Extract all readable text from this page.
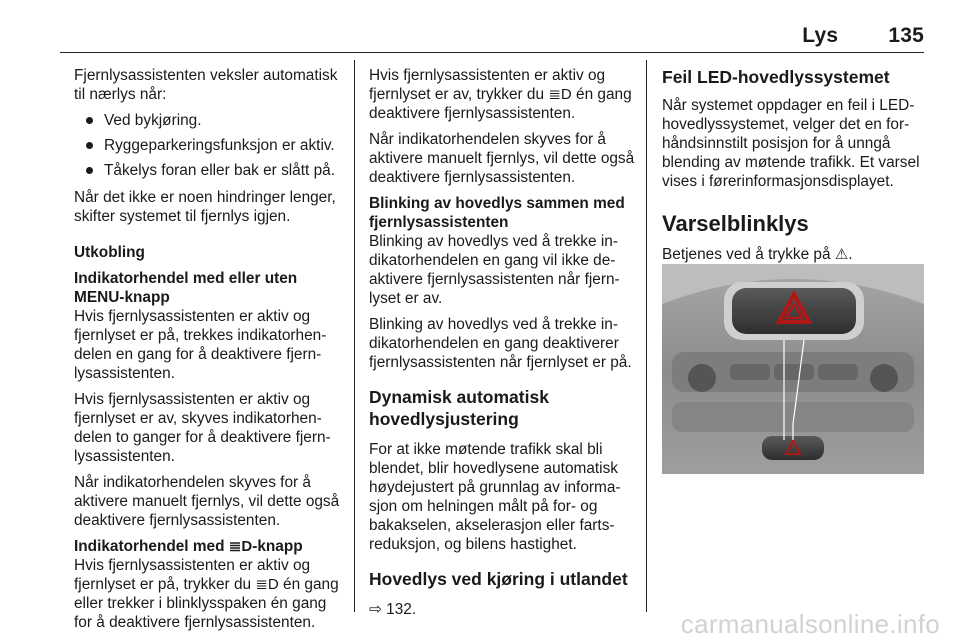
Lys 135

Fjernlysassistenten veksler automatisk til nærlys når:

Ved bykjøring.
Ryggeparkeringsfunksjon er aktiv.
Tåkelys foran eller bak er slått på.

Når det ikke er noen hindringer lenger, skifter systemet til fjernlys igjen.

Utkobling

Indikatorhendel med eller uten MENU-knapp

Hvis fjernlysassistenten er aktiv og fjernlyset er på, trekkes indikatorhendelen en gang for å deaktivere fjernlysassistenten.

Hvis fjernlysassistenten er aktiv og fjernlyset er av, skyves indikatorhendelen to ganger for å deaktivere fjernlysassistenten.

Når indikatorhendelen skyves for å aktivere manuelt fjernlys, vil dette også deaktivere fjernlysassistenten.

Indikatorhendel med ≣D-knapp

Hvis fjernlysassistenten er aktiv og fjernlyset er på, trykker du ≣D én gang eller trekker i blinklysspaken én gang for å deaktivere fjernlysassistenten.

Hvis fjernlysassistenten er aktiv og fjernlyset er av, trykker du ≣D én gang deaktivere fjernlysassistenten.

Når indikatorhendelen skyves for å aktivere manuelt fjernlys, vil dette også deaktivere fjernlysassistenten.

Blinking av hovedlys sammen med fjernlysassistenten

Blinking av hovedlys ved å trekke indikatorhendelen en gang vil ikke deaktivere fjernlysassistenten når fjernlyset er av.

Blinking av hovedlys ved å trekke indikatorhendelen en gang deaktiverer fjernlysassistenten når fjernlyset er på.

Dynamisk automatisk hovedlysjustering

For at ikke møtende trafikk skal bli blendet, blir hovedlysene automatisk høydejustert på grunnlag av informasjon om helningen målt på for- og bakakselen, akselerasjon eller fartsreduksjon, og bilens hastighet.

Hovedlys ved kjøring i utlandet

⇨ 132.

Feil LED-hovedlyssystemet

Når systemet oppdager en feil i LED-hovedlyssystemet, velger det en forhåndsinnstilt posisjon for å unngå blending av møtende trafikk. Et varsel vises i førerinformasjonsdisplayet.

Varselblinklys

Betjenes ved å trykke på ⚠.

carmanualsonline.info
